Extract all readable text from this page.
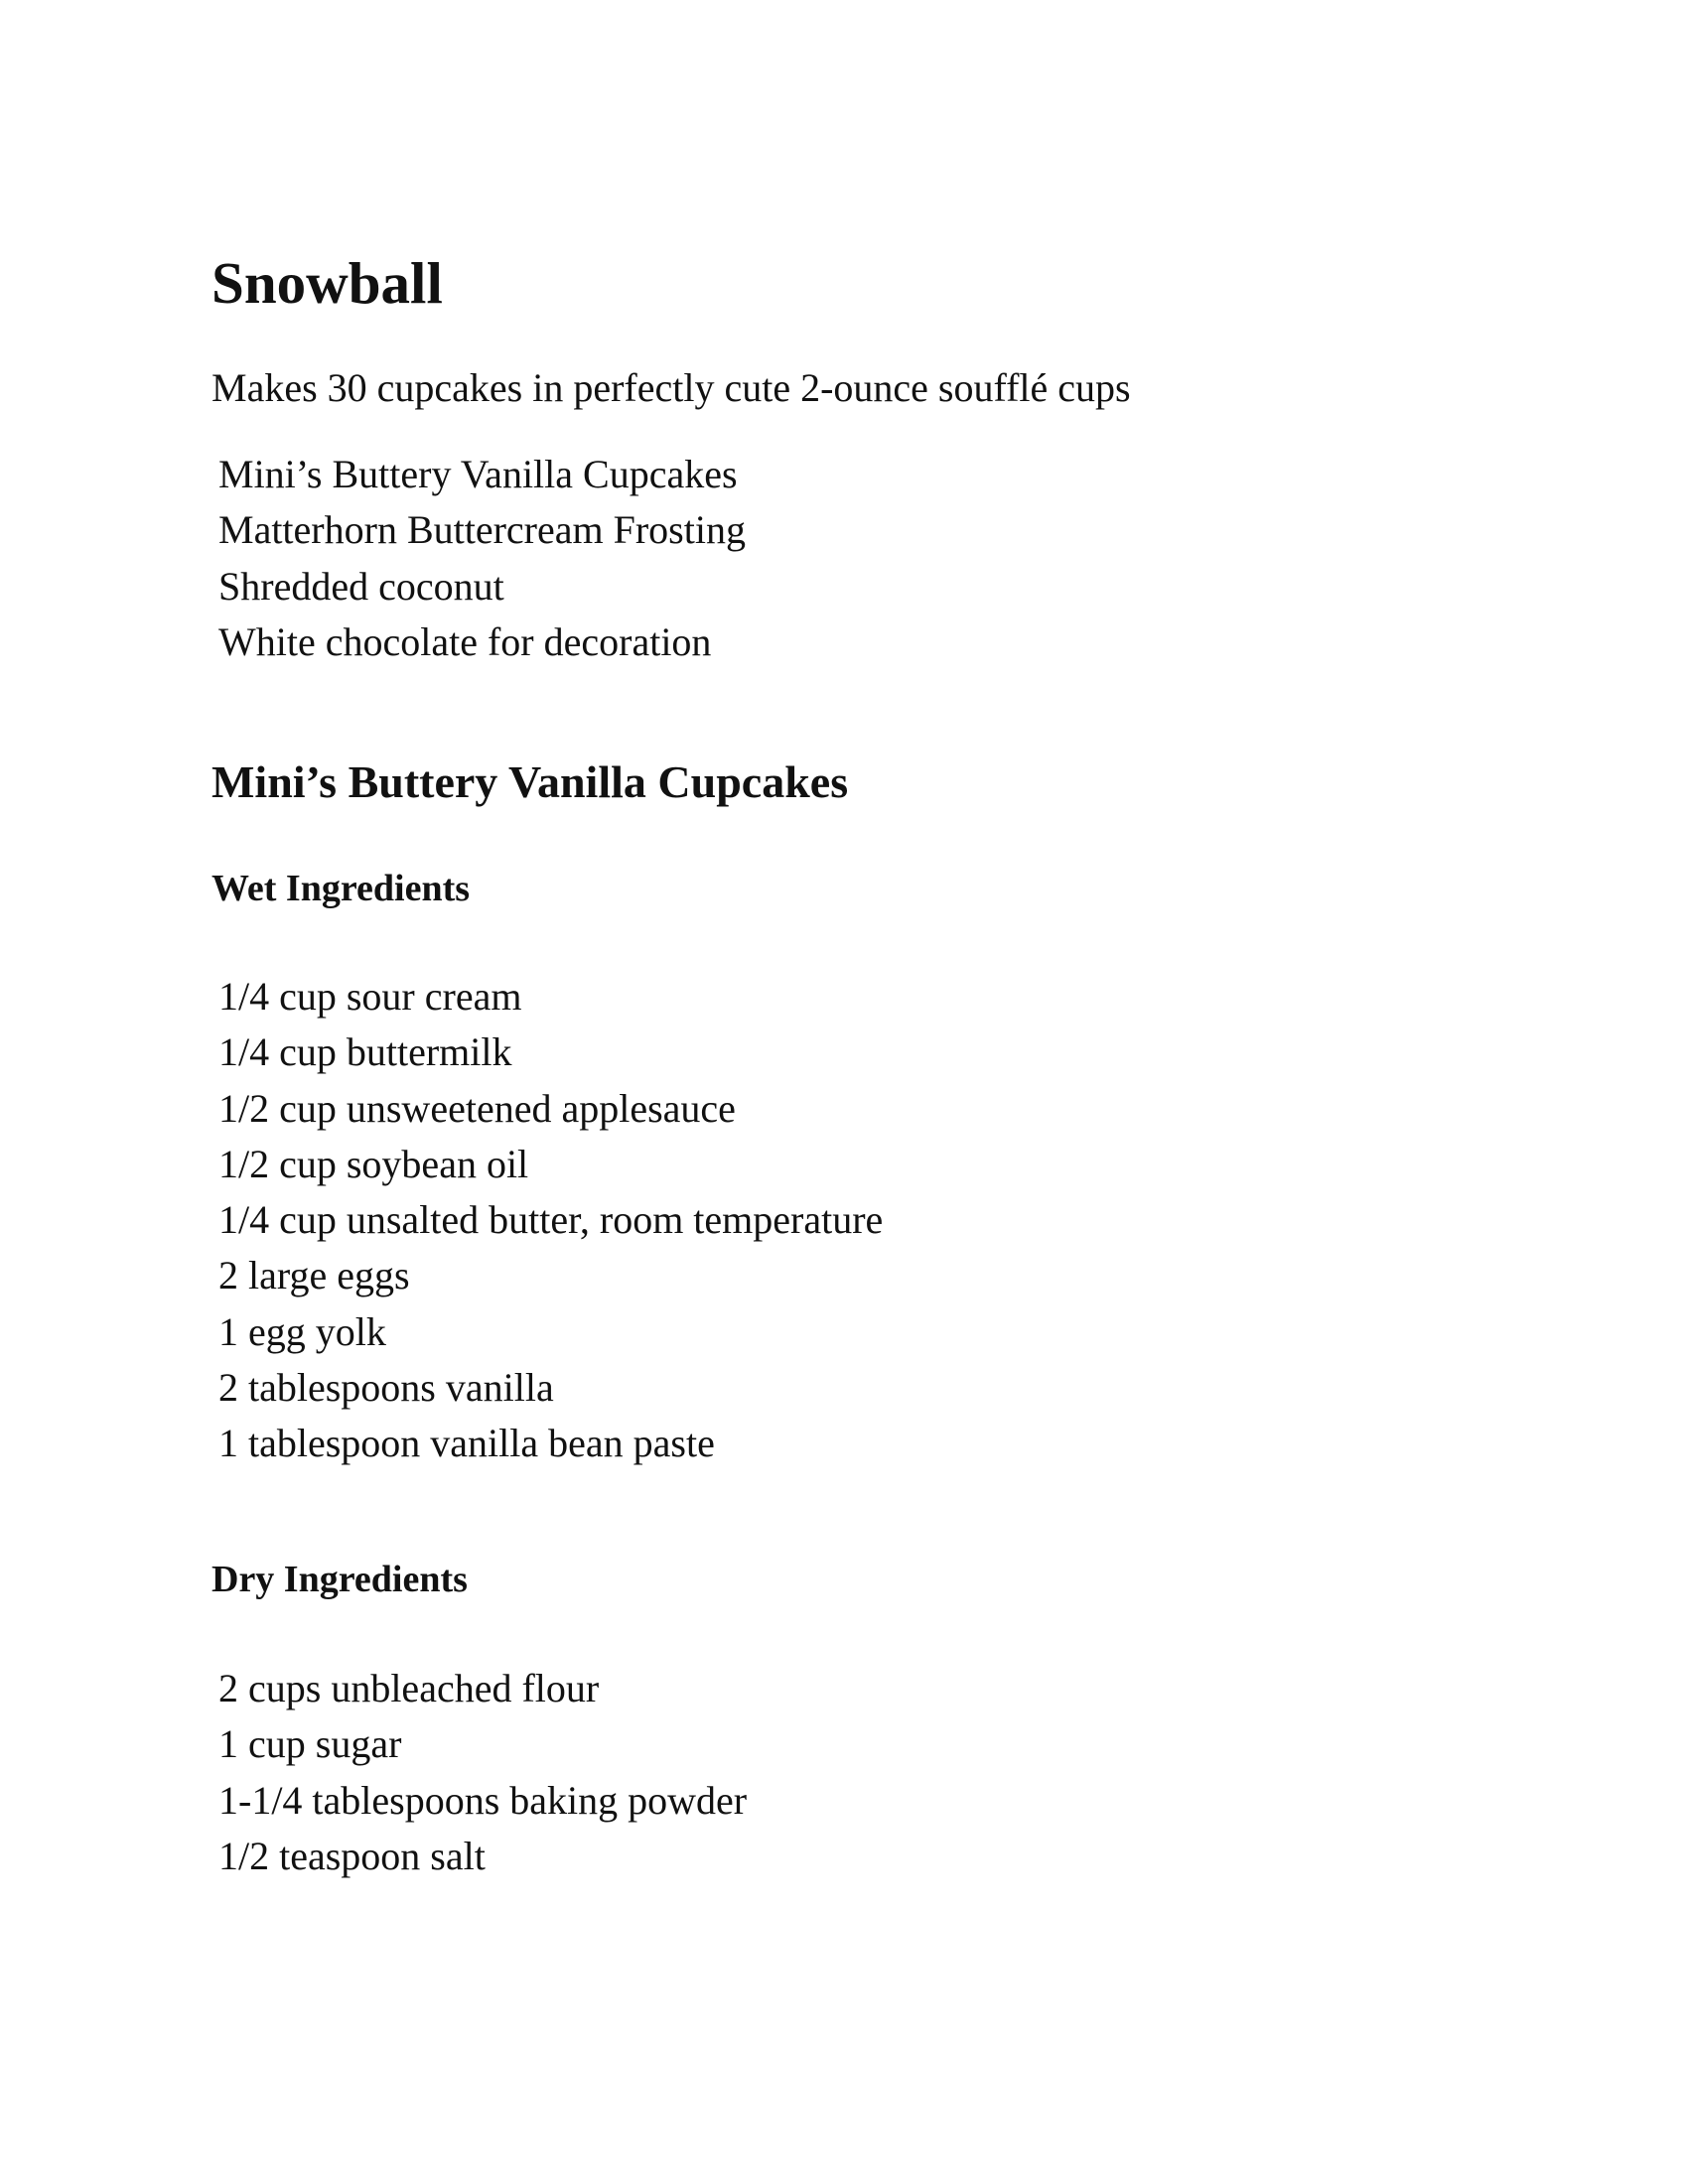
Snowball

Makes 30 cupcakes in perfectly cute 2-ounce soufflé cups

Mini’s Buttery Vanilla Cupcakes
Matterhorn Buttercream Frosting
Shredded coconut
White chocolate for decoration
Mini’s Buttery Vanilla Cupcakes
Wet Ingredients
1/4 cup sour cream
1/4 cup buttermilk
1/2 cup unsweetened applesauce
1/2 cup soybean oil
1/4 cup unsalted butter, room temperature
2 large eggs
1 egg yolk
2 tablespoons vanilla
1 tablespoon vanilla bean paste
Dry Ingredients
2 cups unbleached flour
1 cup sugar
1-1/4 tablespoons baking powder
1/2 teaspoon salt
